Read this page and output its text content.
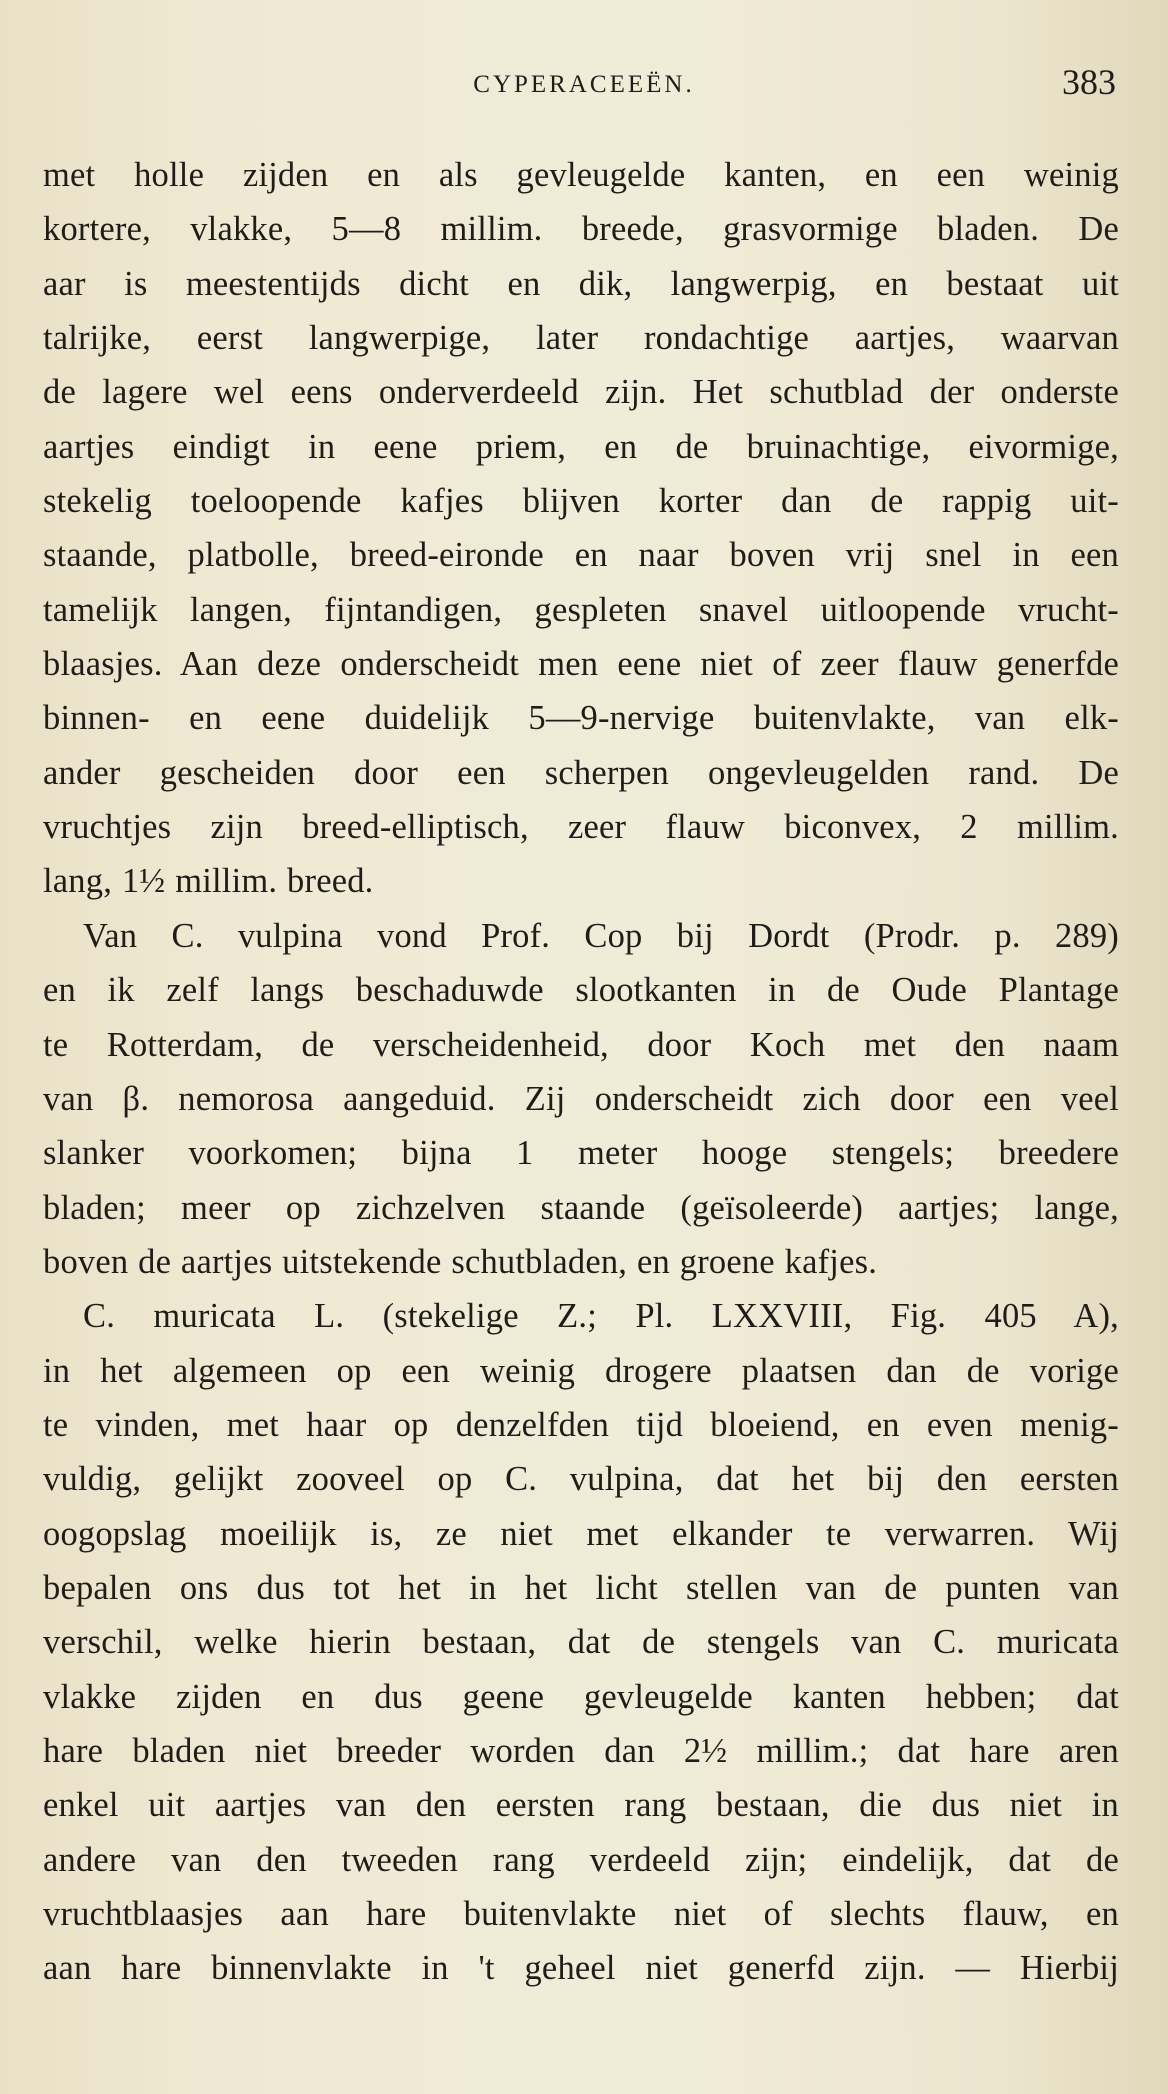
CYPERACEEËN.	383
met holle zijden en als gevleugelde kanten, en een weinig
kortere, vlakke, 5—8 millim. breede, grasvormige bladen. De
aar is meestentijds dicht en dik, langwerpig, en bestaat uit
talrijke, eerst langwerpige, later rondachtige aartjes, waarvan
de lagere wel eens onderverdeeld zijn. Het schutblad der onderste
aartjes eindigt in eene priem, en de bruinachtige, eivormige,
stekelig toeloopende kafjes blijven korter dan de rappig uit-
staande, platbolle, breed-eironde en naar boven vrij snel in een
tamelijk langen, fijntandigen, gespleten snavel uitloopende vrucht-
blaasjes. Aan deze onderscheidt men eene niet of zeer flauw generfde
binnen- en eene duidelijk 5—9-nervige buitenvlakte, van elk-
ander gescheiden door een scherpen ongevleugelden rand. De
vruchtjes zijn breed-elliptisch, zeer flauw biconvex, 2 millim.
lang, 1½ millim. breed.
Van C. vulpina vond Prof. Cop bij Dordt (Prodr. p. 289)
en ik zelf langs beschaduwde slootkanten in de Oude Plantage
te Rotterdam, de verscheidenheid, door Koch met den naam
van β. nemorosa aangeduid. Zij onderscheidt zich door een veel
slanker voorkomen; bijna 1 meter hooge stengels; breedere
bladen; meer op zichzelven staande (geïsoleerde) aartjes; lange,
boven de aartjes uitstekende schutbladen, en groene kafjes.
C. muricata L. (stekelige Z.; Pl. LXXVIII, Fig. 405 A),
in het algemeen op een weinig drogere plaatsen dan de vorige
te vinden, met haar op denzelfden tijd bloeiend, en even menig-
vuldig, gelijkt zooveel op C. vulpina, dat het bij den eersten
oogopslag moeilijk is, ze niet met elkander te verwarren. Wij
bepalen ons dus tot het in het licht stellen van de punten van
verschil, welke hierin bestaan, dat de stengels van C. muricata
vlakke zijden en dus geene gevleugelde kanten hebben; dat
hare bladen niet breeder worden dan 2½ millim.; dat hare aren
enkel uit aartjes van den eersten rang bestaan, die dus niet in
andere van den tweeden rang verdeeld zijn; eindelijk, dat de
vruchtblaasjes aan hare buitenvlakte niet of slechts flauw, en
aan hare binnenvlakte in 't geheel niet generfd zijn. — Hierbij
